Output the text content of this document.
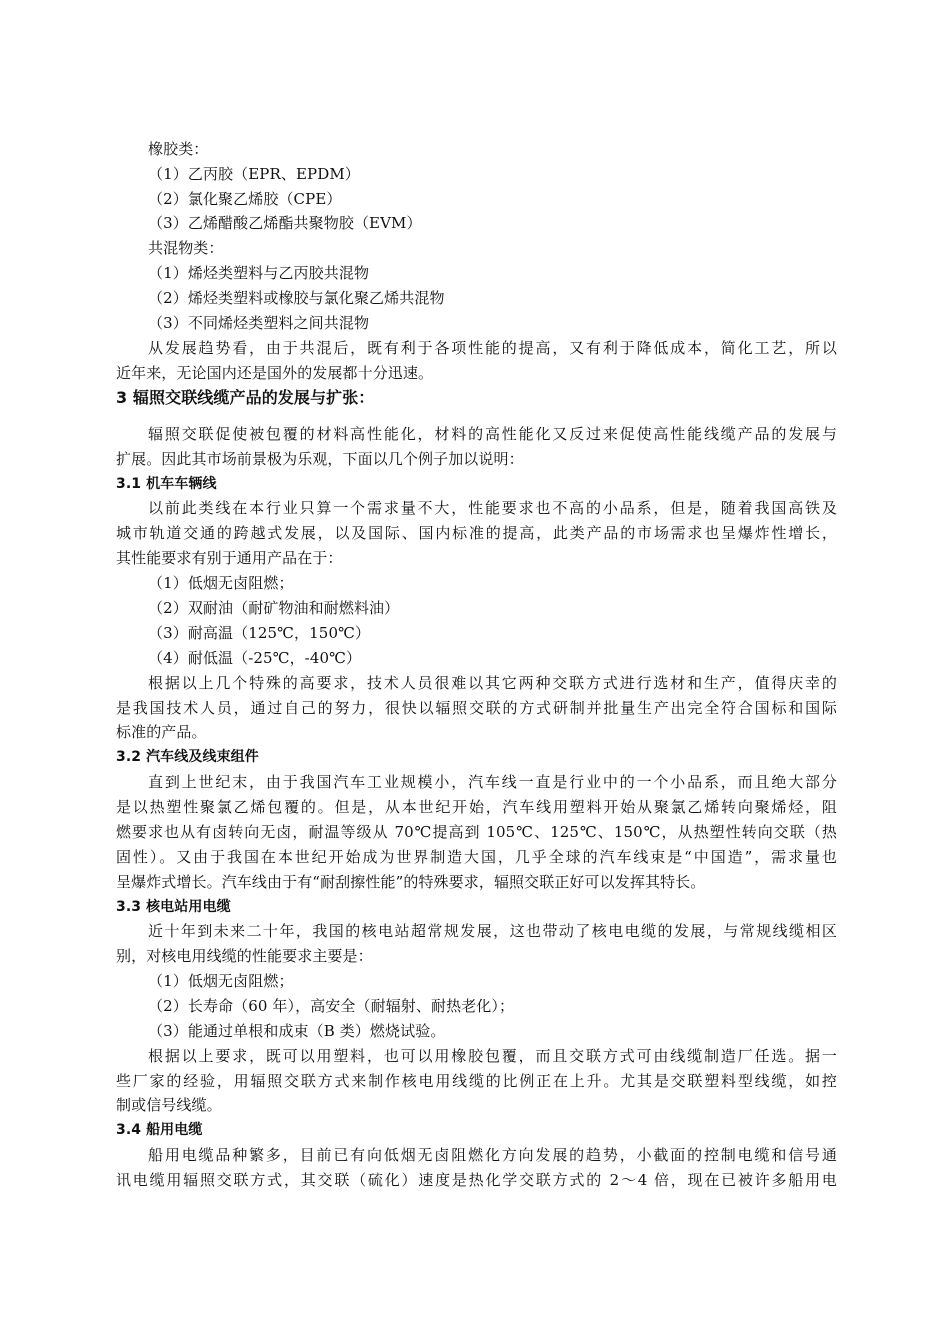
橡胶类：
（1）乙丙胶（EPR、EPDM）
（2）氯化聚乙烯胶（CPE）
（3）乙烯醋酸乙烯酯共聚物胶（EVM）
共混物类：
（1）烯烃类塑料与乙丙胶共混物
（2）烯烃类塑料或橡胶与氯化聚乙烯共混物
（3）不同烯烃类塑料之间共混物
从发展趋势看，由于共混后，既有利于各项性能的提高，又有利于降低成本，简化工艺，所以
近年来，无论国内还是国外的发展都十分迅速。
3 辐照交联线缆产品的发展与扩张：
辐照交联促使被包覆的材料高性能化，材料的高性能化又反过来促使高性能线缆产品的发展与
扩展。因此其市场前景极为乐观，下面以几个例子加以说明：
3.1 机车车辆线
以前此类线在本行业只算一个需求量不大，性能要求也不高的小品系，但是，随着我国高铁及
城市轨道交通的跨越式发展，以及国际、国内标准的提高，此类产品的市场需求也呈爆炸性增长，
其性能要求有别于通用产品在于：
（1）低烟无卤阻燃；
（2）双耐油（耐矿物油和耐燃料油）
（3）耐高温（125℃，150℃）
（4）耐低温（-25℃，-40℃）
根据以上几个特殊的高要求，技术人员很难以其它两种交联方式进行选材和生产，值得庆幸的
是我国技术人员，通过自己的努力，很快以辐照交联的方式研制并批量生产出完全符合国标和国际
标准的产品。
3.2 汽车线及线束组件
直到上世纪末，由于我国汽车工业规模小，汽车线一直是行业中的一个小品系，而且绝大部分
是以热塑性聚氯乙烯包覆的。但是，从本世纪开始，汽车线用塑料开始从聚氯乙烯转向聚烯烃，阻
燃要求也从有卤转向无卤，耐温等级从 70℃提高到 105℃、125℃、150℃，从热塑性转向交联（热
固性）。又由于我国在本世纪开始成为世界制造大国，几乎全球的汽车线束是“中国造”，需求量也
呈爆炸式增长。汽车线由于有“耐刮擦性能”的特殊要求，辐照交联正好可以发挥其特长。
3.3 核电站用电缆
近十年到未来二十年，我国的核电站超常规发展，这也带动了核电电缆的发展，与常规线缆相区
别，对核电用线缆的性能要求主要是：
（1）低烟无卤阻燃；
（2）长寿命（60 年），高安全（耐辐射、耐热老化）；
（3）能通过单根和成束（B 类）燃烧试验。
根据以上要求，既可以用塑料，也可以用橡胶包覆，而且交联方式可由线缆制造厂任选。据一
些厂家的经验，用辐照交联方式来制作核电用线缆的比例正在上升。尤其是交联塑料型线缆，如控
制或信号线缆。
3.4 船用电缆
船用电缆品种繁多，目前已有向低烟无卤阻燃化方向发展的趋势，小截面的控制电缆和信号通
讯电缆用辐照交联方式，其交联（硫化）速度是热化学交联方式的 2～4 倍，现在已被许多船用电
